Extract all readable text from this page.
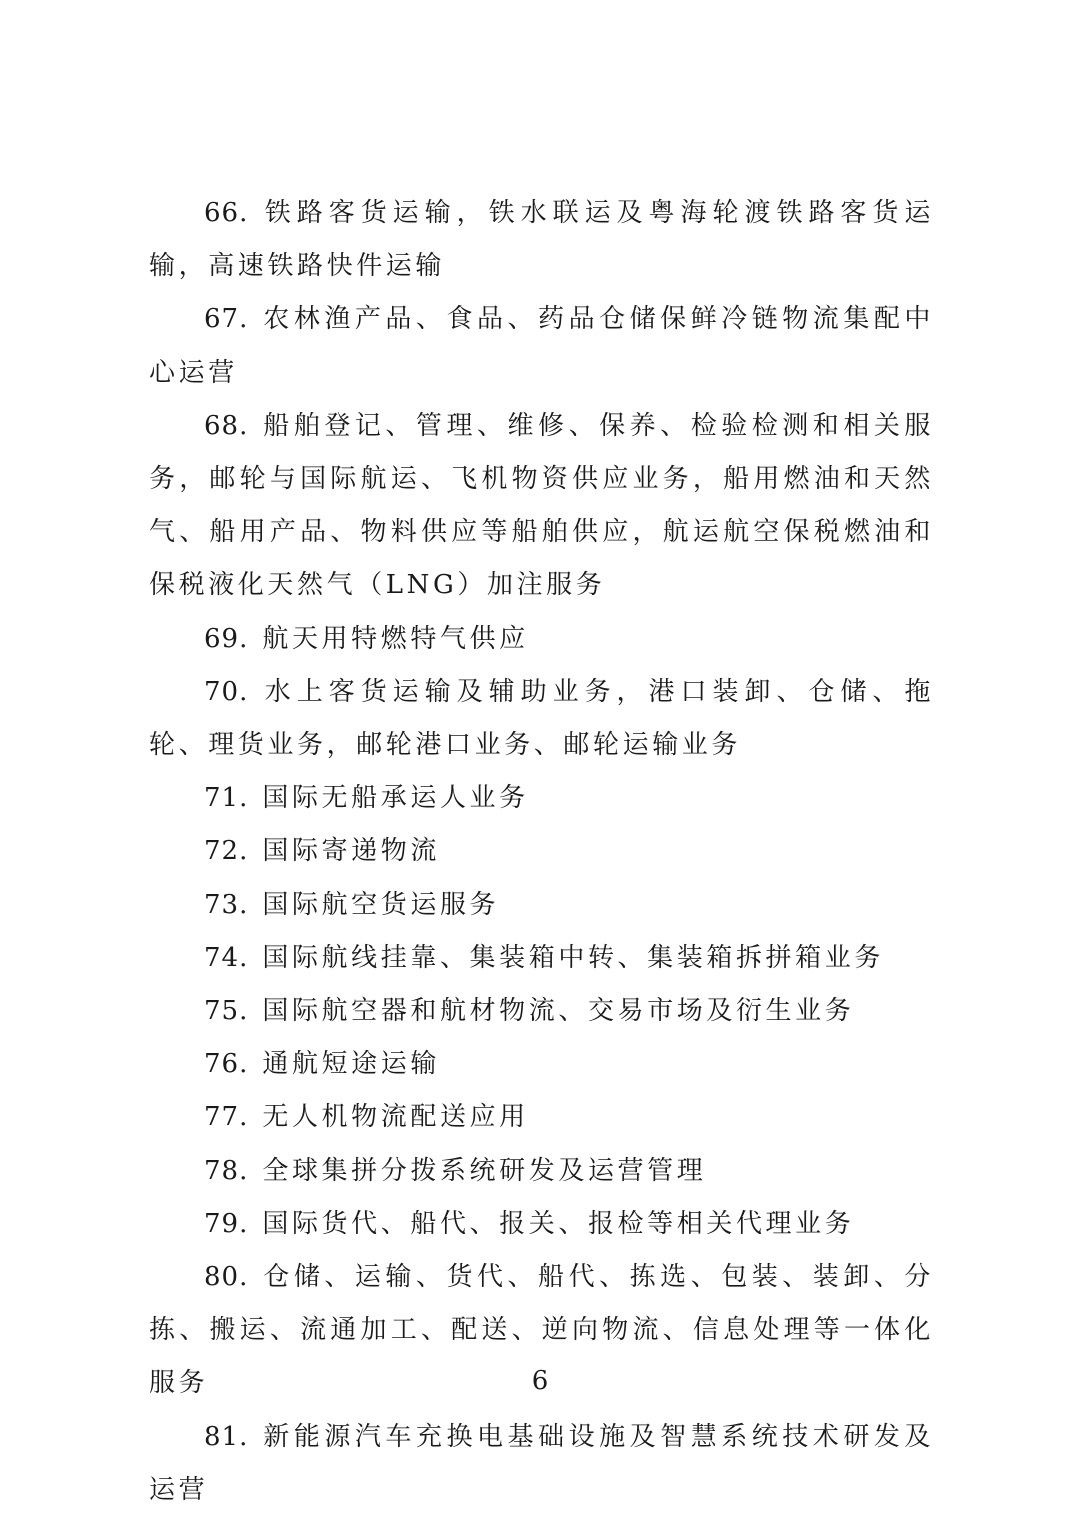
66. 铁路客货运输，铁水联运及粤海轮渡铁路客货运输，高速铁路快件运输

67. 农林渔产品、食品、药品仓储保鲜冷链物流集配中心运营

68. 船舶登记、管理、维修、保养、检验检测和相关服务，邮轮与国际航运、飞机物资供应业务，船用燃油和天然气、船用产品、物料供应等船舶供应，航运航空保税燃油和保税液化天然气（LNG）加注服务

69. 航天用特燃特气供应

70. 水上客货运输及辅助业务，港口装卸、仓储、拖轮、理货业务，邮轮港口业务、邮轮运输业务

71. 国际无船承运人业务

72. 国际寄递物流

73. 国际航空货运服务

74. 国际航线挂靠、集装箱中转、集装箱拆拼箱业务

75. 国际航空器和航材物流、交易市场及衍生业务

76. 通航短途运输

77. 无人机物流配送应用

78. 全球集拼分拨系统研发及运营管理

79. 国际货代、船代、报关、报检等相关代理业务

80. 仓储、运输、货代、船代、拣选、包装、装卸、分拣、搬运、流通加工、配送、逆向物流、信息处理等一体化服务

81. 新能源汽车充换电基础设施及智慧系统技术研发及运营

6
